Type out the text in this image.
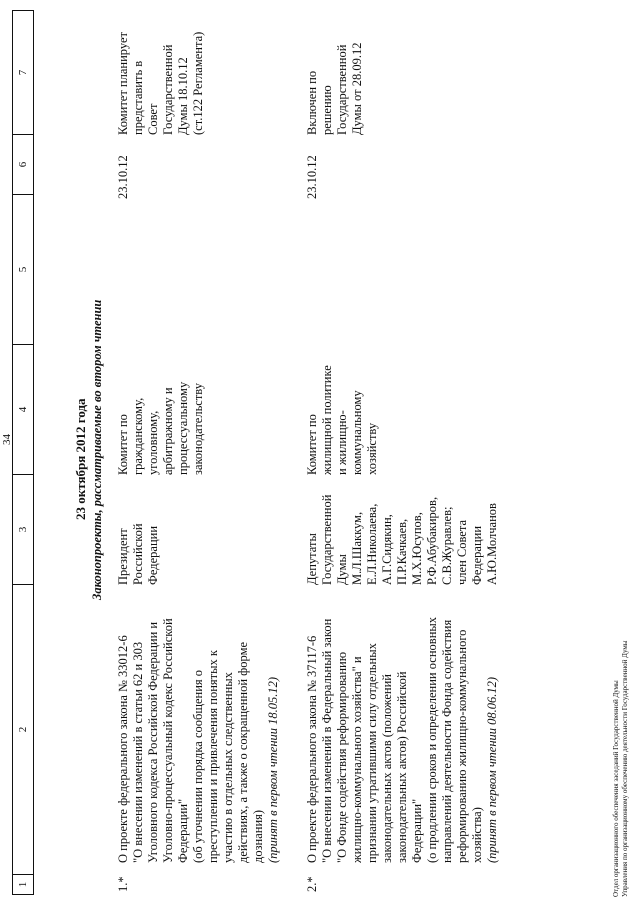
34
1
2
3
4
5
6
7
23 октября 2012 года Законопроекты, рассматриваемые во втором чтении
1.*
О проекте федерального закона № 33012-6 "О внесении изменений в статьи 62 и 303 Уголовного кодекса Российской Федерации и Уголовно-процессуальный кодекс Российской Федерации" (об уточнении порядка сообщения о преступлении и привлечения понятых к участию в отдельных следственных действиях, а также о сокращенной форме дознания) (принят в первом чтении 18.05.12)
Президент Российской Федерации
Комитет по гражданскому, уголовному, арбитражному и процессуальному законодательству
23.10.12
Комитет планирует представить в Совет Государственной Думы 18.10.12 (ст.122 Регламента)
2.*
О проекте федерального закона № 37117-6 "О внесении изменений в Федеральный закон "О Фонде содействия реформированию жилищно-коммунального хозяйства" и признании утратившими силу отдельных законодательных актов (положений законодательных актов) Российской Федерации" (о продлении сроков и определении основных направлений деятельности Фонда содействия реформированию жилищно-коммунального хозяйства) (принят в первом чтении 08.06.12)
Депутаты Государственной Думы М.Л.Шаккум, Е.Л.Николаева, А.Г.Сидякин, П.Р.Качкаев, М.Х.Юсупов, Р.Ф.Абубакиров, С.В.Журавлев; член Совета Федерации А.Ю.Молчанов
Комитет по жилищной политике и жилищно- коммунальному хозяйству
23.10.12
Включен по решению Государственной Думы от 28.09.12
Отдел организационного обеспечения заседаний Государственной Думы Управления по организационному обеспечению деятельности Государственной Думы
